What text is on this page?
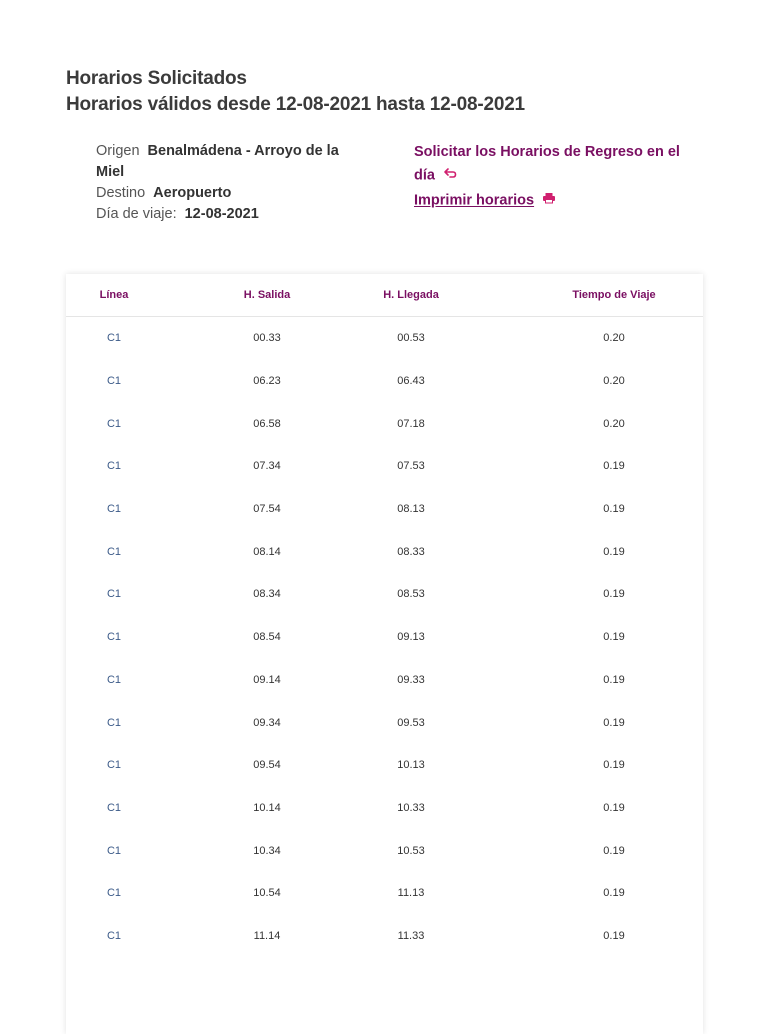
Horarios Solicitados
Horarios válidos desde 12-08-2021 hasta 12-08-2021
Origen Benalmádena - Arroyo de la Miel
Destino Aeropuerto
Día de viaje: 12-08-2021
Solicitar los Horarios de Regreso en el día
Imprimir horarios
Línea	H. Salida	H. Llegada	Tiempo de Viaje
C1	00.33	00.53	0.20
C1	06.23	06.43	0.20
C1	06.58	07.18	0.20
C1	07.34	07.53	0.19
C1	07.54	08.13	0.19
C1	08.14	08.33	0.19
C1	08.34	08.53	0.19
C1	08.54	09.13	0.19
C1	09.14	09.33	0.19
C1	09.34	09.53	0.19
C1	09.54	10.13	0.19
C1	10.14	10.33	0.19
C1	10.34	10.53	0.19
C1	10.54	11.13	0.19
C1	11.14	11.33	0.19
